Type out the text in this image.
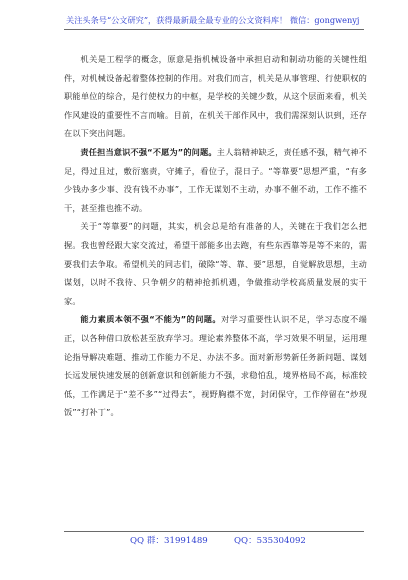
关注头条号“公文研究”，获得最新最全最专业的公文资料库！ 微信：gongwenyj

机关是工程学的概念，原意是指机械设备中承担启动和制动功能的关键性组件，对机械设备起着整体控制的作用。对我们而言，机关是从事管理、行使职权的职能单位的综合，是行使权力的中枢，是学校的关键少数，从这个层面来看，机关作风建设的重要性不言而喻。目前，在机关干部作风中，我们需深刻认识到，还存在以下突出问题。

责任担当意识不强“不愿为”的问题。主人翁精神缺乏，责任感不强，精气神不足，得过且过，敷衍塞责，守摊子，看位子，混日子。“等靠要”思想严重，“有多少钱办多少事、没有钱不办事”，工作无谋划不主动，办事不催不动，工作不推不干，甚至推也推不动。

关于“等靠要”的问题，其实，机会总是给有准备的人，关键在于我们怎么把握。我也曾经跟大家交流过，希望干部能多出去跑，有些东西靠等是等不来的，需要我们去争取。希望机关的同志们，破除“等、靠、要”思想，自觉解放思想，主动谋划，以时不我待、只争朝夕的精神抢抓机遇，争做推动学校高质量发展的实干家。

能力素质本领不强“不能为”的问题。对学习重要性认识不足，学习态度不端正，以各种借口放松甚至放弃学习。理论素养整体不高，学习效果不明显，运用理论指导解决难题、推动工作能力不足、办法不多。面对新形势新任务新问题、谋划长远发展快速发展的创新意识和创新能力不强，求稳怕乱，境界格局不高，标准较低，工作满足于“差不多”“过得去”，视野胸襟不宽，封闭保守，工作停留在“炒现饭”“打补丁”。

QQ 群：31991489	QQ：535304092
